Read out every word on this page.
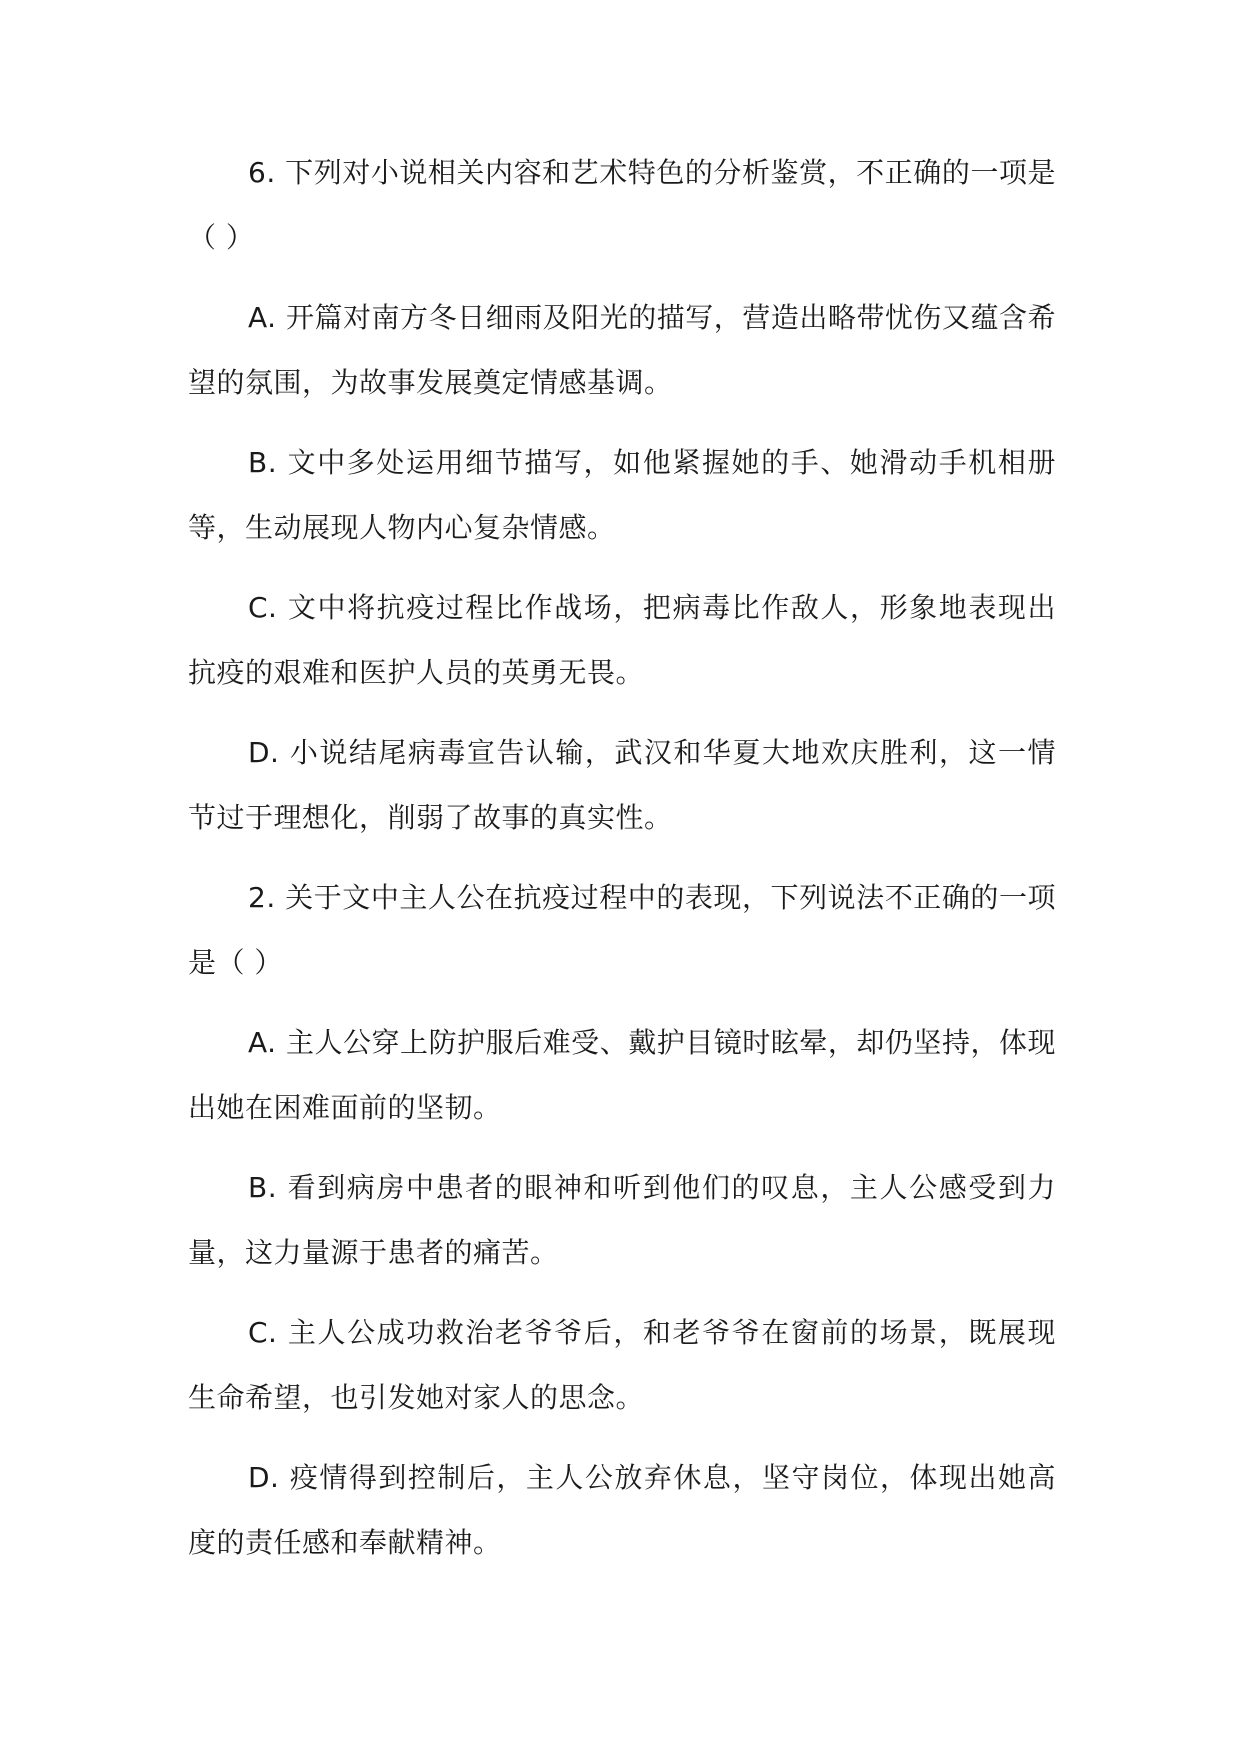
6. 下列对小说相关内容和艺术特色的分析鉴赏，不正确的一项是（ ）

A. 开篇对南方冬日细雨及阳光的描写，营造出略带忧伤又蕴含希望的氛围，为故事发展奠定情感基调。

B. 文中多处运用细节描写，如他紧握她的手、她滑动手机相册等，生动展现人物内心复杂情感。

C. 文中将抗疫过程比作战场，把病毒比作敌人，形象地表现出抗疫的艰难和医护人员的英勇无畏。

D. 小说结尾病毒宣告认输，武汉和华夏大地欢庆胜利，这一情节过于理想化，削弱了故事的真实性。

2. 关于文中主人公在抗疫过程中的表现，下列说法不正确的一项是（ ）

A. 主人公穿上防护服后难受、戴护目镜时眩晕，却仍坚持，体现出她在困难面前的坚韧。

B. 看到病房中患者的眼神和听到他们的叹息，主人公感受到力量，这力量源于患者的痛苦。

C. 主人公成功救治老爷爷后，和老爷爷在窗前的场景，既展现生命希望，也引发她对家人的思念。

D. 疫情得到控制后，主人公放弃休息，坚守岗位，体现出她高度的责任感和奉献精神。
